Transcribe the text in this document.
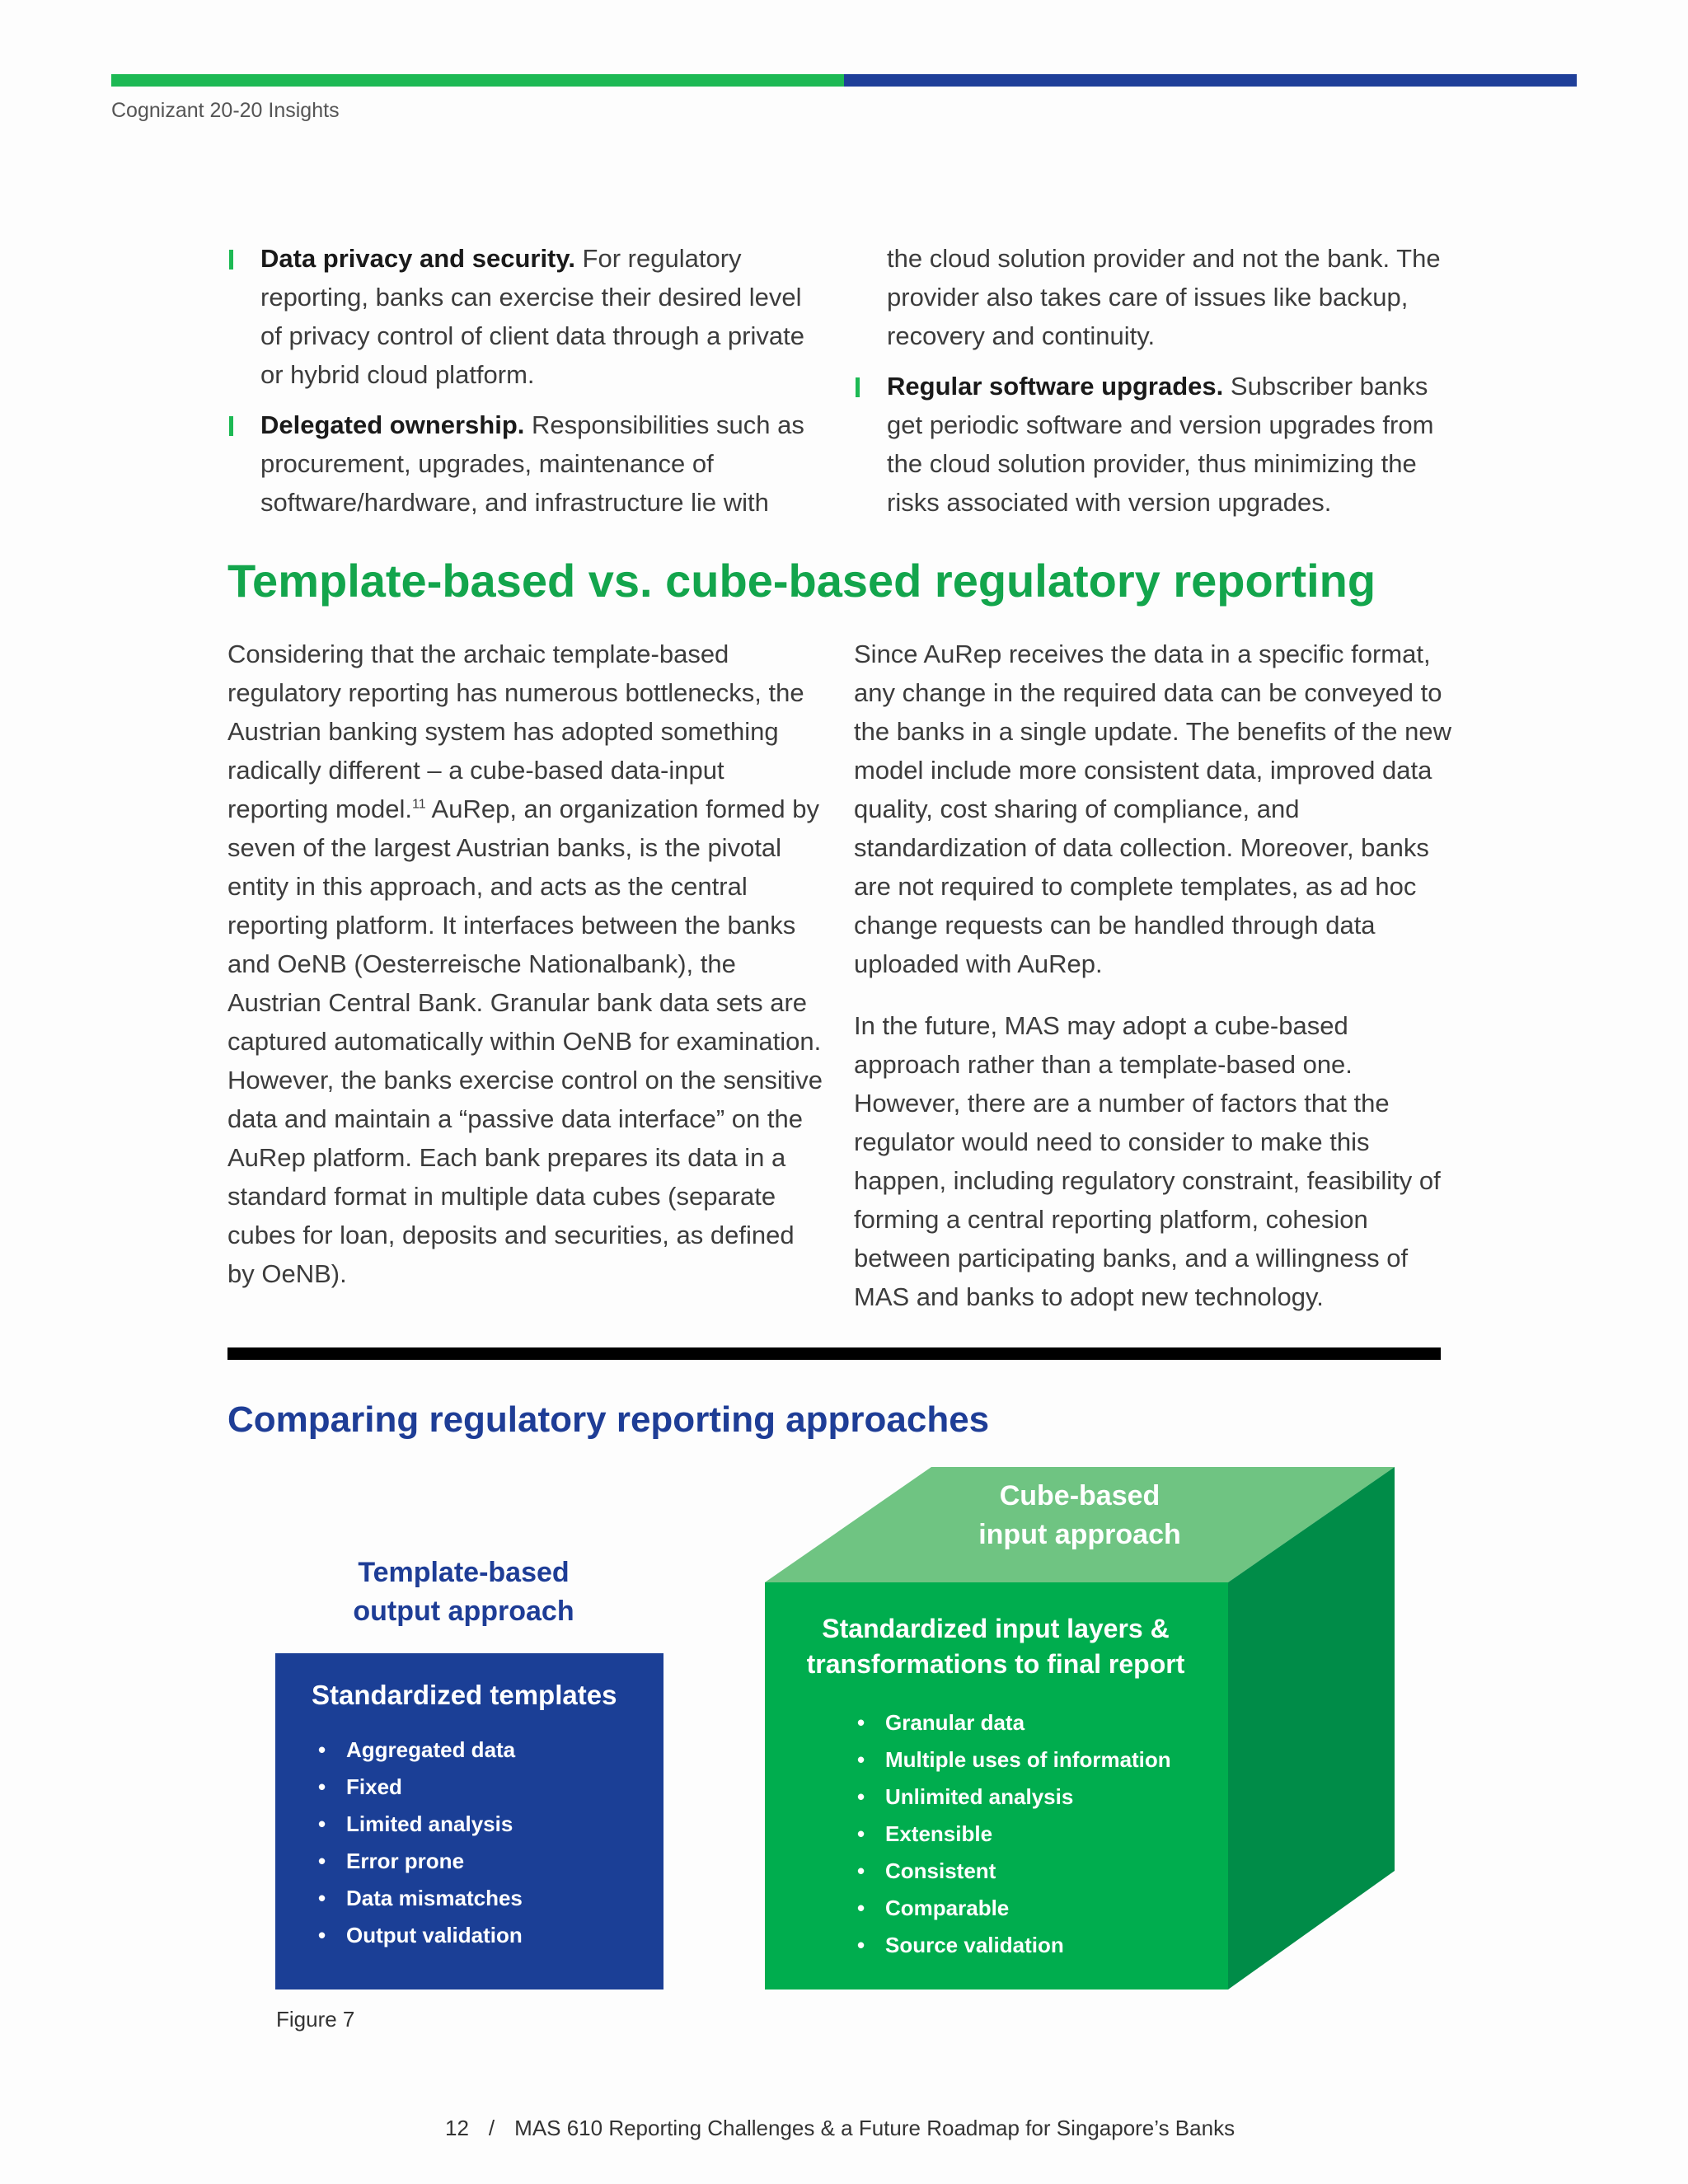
Cognizant 20-20 Insights
Data privacy and security. For regulatory reporting, banks can exercise their desired level of privacy control of client data through a private or hybrid cloud platform.
Delegated ownership. Responsibilities such as procurement, upgrades, maintenance of software/hardware, and infrastructure lie with

the cloud solution provider and not the bank. The provider also takes care of issues like backup, recovery and continuity.

Regular software upgrades. Subscriber banks get periodic software and version upgrades from the cloud solution provider, thus minimizing the risks associated with version upgrades.
Template-based vs. cube-based regulatory reporting

Considering that the archaic template-based regulatory reporting has numerous bottlenecks, the Austrian banking system has adopted something radically different – a cube-based data-input reporting model.$^{11}$ AuRep, an organization formed by seven of the largest Austrian banks, is the pivotal entity in this approach, and acts as the central reporting platform. It interfaces between the banks and OeNB (Oesterreische Nationalbank), the Austrian Central Bank. Granular bank data sets are captured automatically within OeNB for examination. However, the banks exercise control on the sensitive data and maintain a “passive data interface” on the AuRep platform. Each bank prepares its data in a standard format in multiple data cubes (separate cubes for loan, deposits and securities, as defined by OeNB).

Since AuRep receives the data in a specific format, any change in the required data can be conveyed to the banks in a single update. The benefits of the new model include more consistent data, improved data quality, cost sharing of compliance, and standardization of data collection. Moreover, banks are not required to complete templates, as ad hoc change requests can be handled through data uploaded with AuRep.

In the future, MAS may adopt a cube-based approach rather than a template-based one. However, there are a number of factors that the regulator would need to consider to make this happen, including regulatory constraint, feasibility of forming a central reporting platform, cohesion between participating banks, and a willingness of MAS and banks to adopt new technology.

Comparing regulatory reporting approaches
Template-based
output approach
Standardized templates
• Aggregated data
• Fixed
• Limited analysis
• Error prone
• Data mismatches
• Output validation
Cube-based
input approach
Standardized input layers &
transformations to final report
• Granular data
• Multiple uses of information
• Unlimited analysis
• Extensible
• Consistent
• Comparable
• Source validation
Figure 7
12 / MAS 610 Reporting Challenges & a Future Roadmap for Singapore’s Banks
